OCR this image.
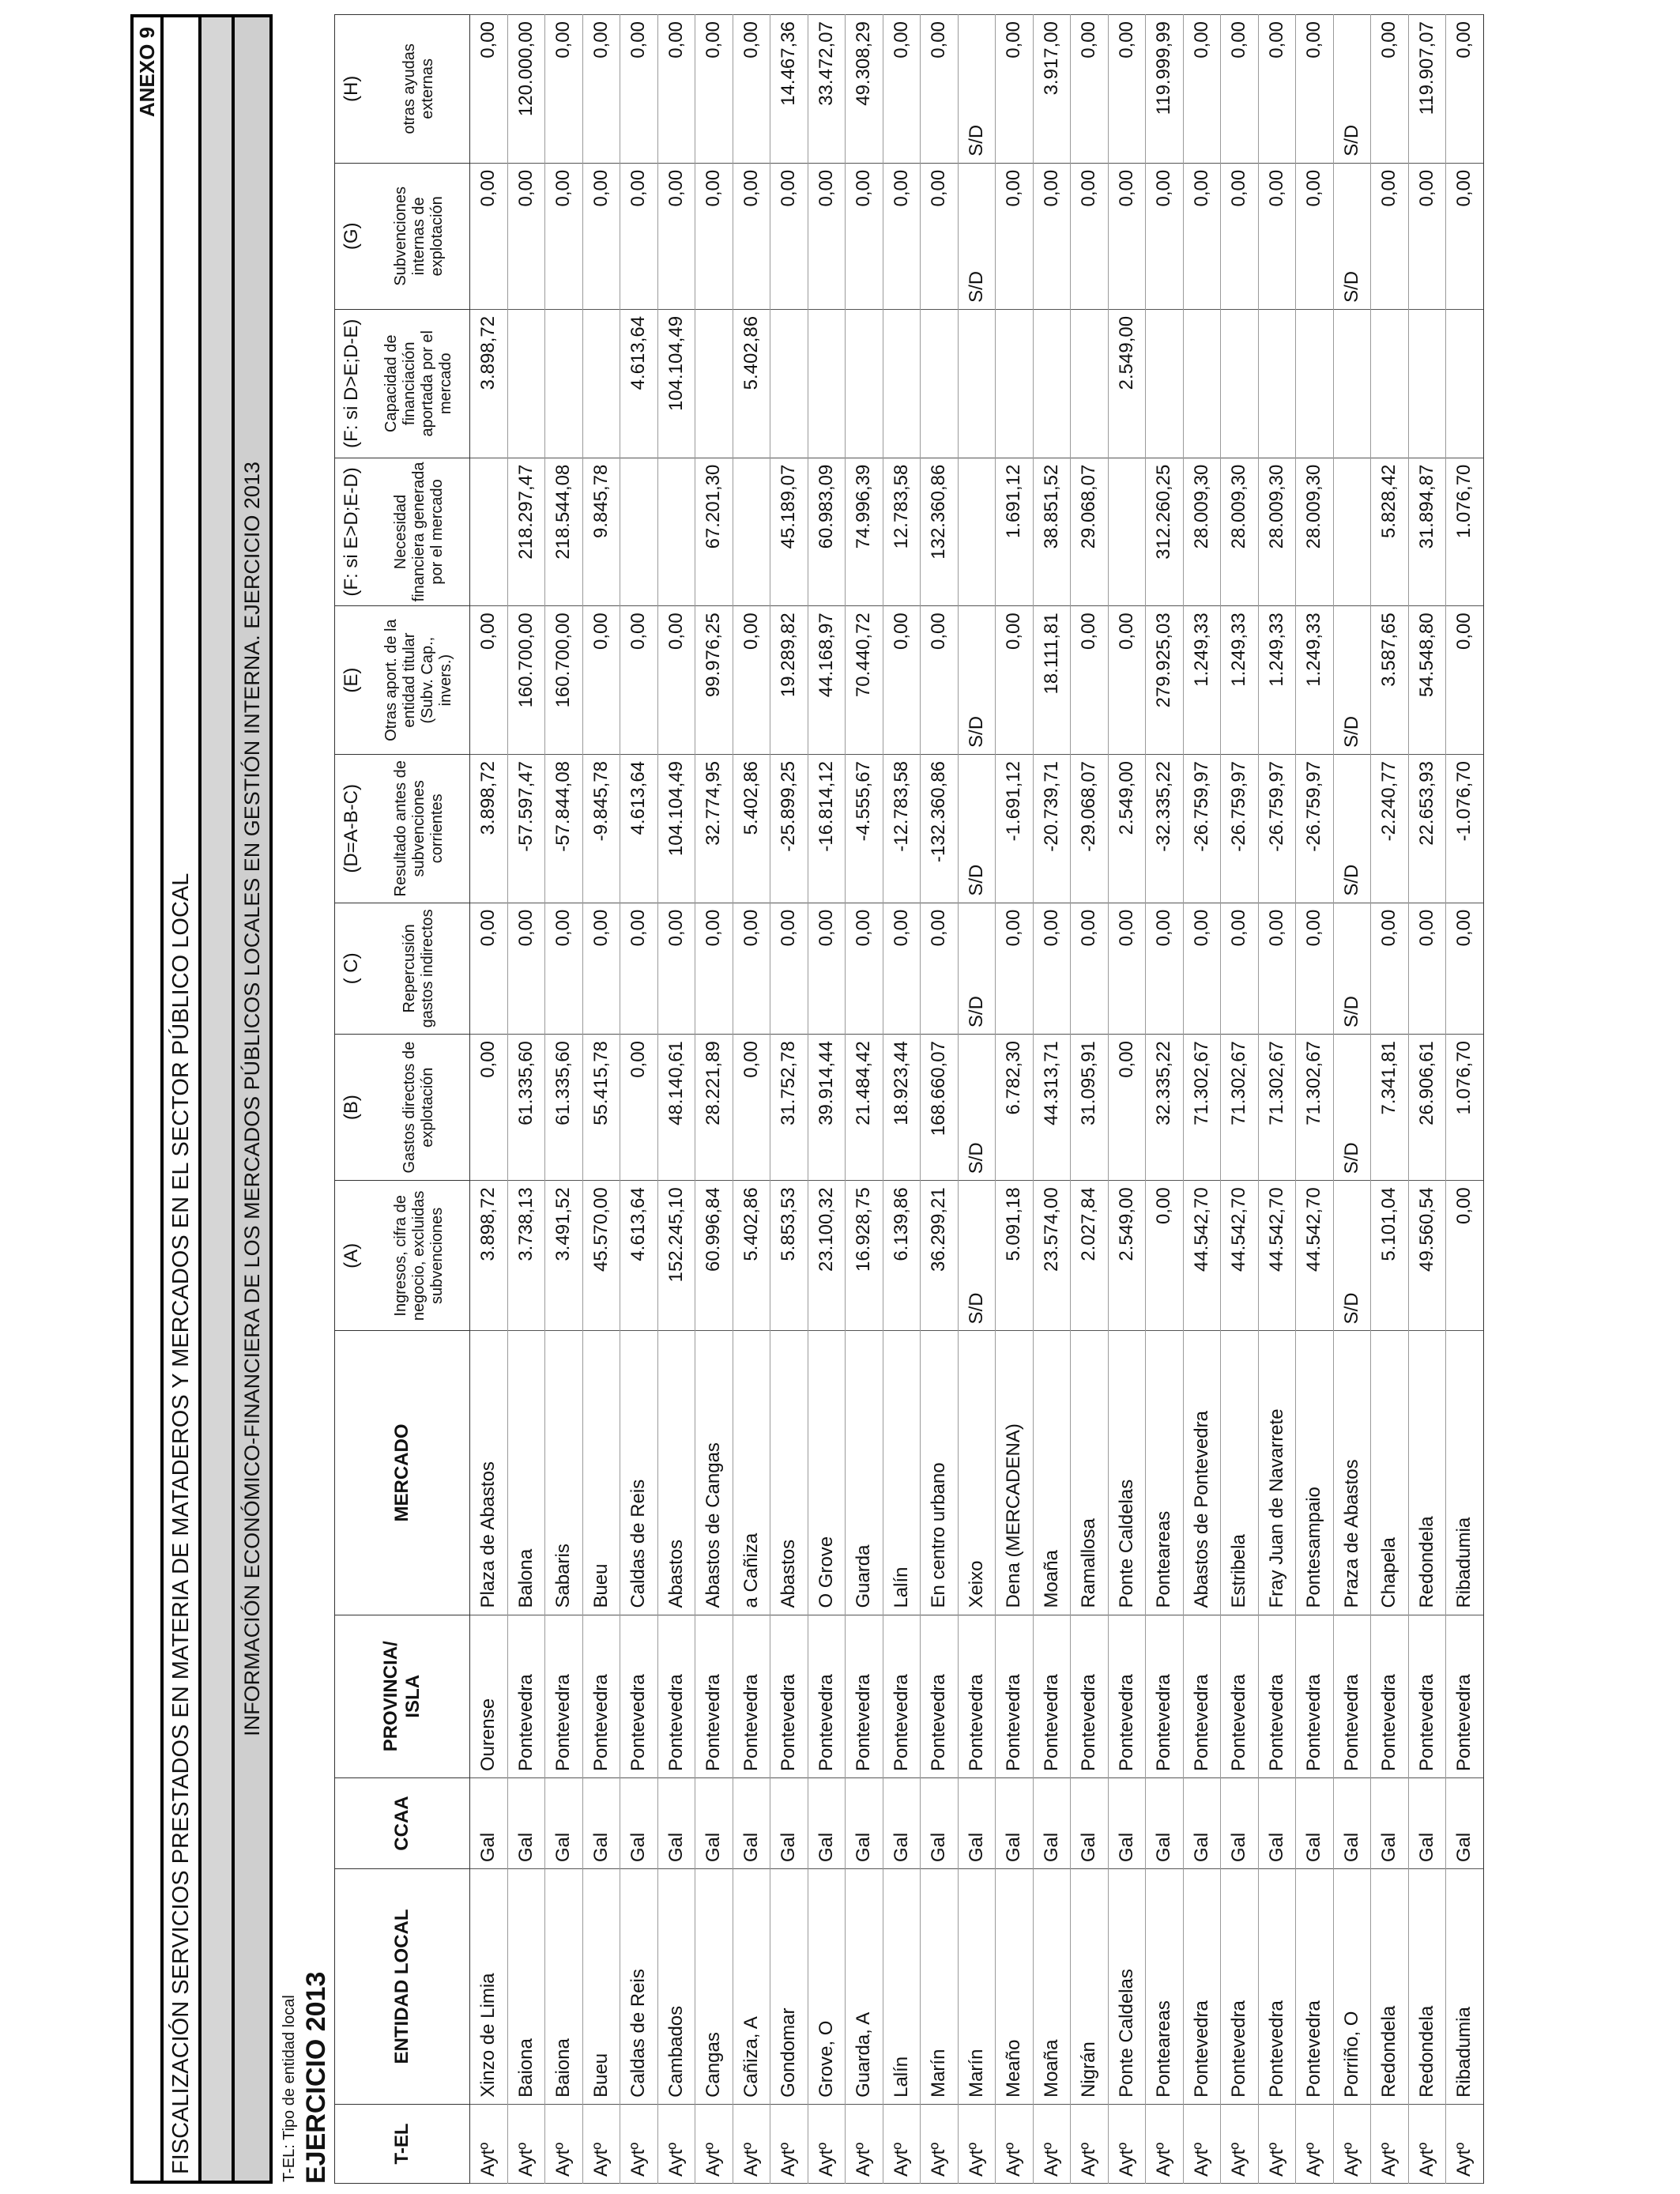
ANEXO 9
FISCALIZACIÓN SERVICIOS PRESTADOS EN MATERIA DE MATADEROS Y MERCADOS EN EL SECTOR PÚBLICO LOCAL INFORMACIÓN ECONÓMICO-FINANCIERA DE LOS MERCADOS PÚBLICOS LOCALES EN GESTIÓN INTERNA. EJERCICIO 2013
T-EL: Tipo de entidad local EJERCICIO 2013	T-EL	ENTIDAD LOCAL	CCAA	PROVINCIA/ ISLA	MERCADO	(A)	(B)	( C)	(D=A-B-C)	(E)	(F: si E>D;E-D)	(F: si D>E;D-E)	(G)	(H)
					Ingresos, cifra de negocio, excluidas subvenciones	Gastos directos de explotación	Repercusión gastos indirectos	Resultado antes de subvenciones corrientes	Otras aport. de la entidad titular (Subv. Cap., invers.)	Necesidad financiera generada por el mercado	Capacidad de financiación aportada por el mercado	Subvenciones internas de explotación	otras ayudas externas
Aytº	Xinzo de Limia	Gal	Ourense	Plaza de Abastos	3.898,72	0,00	0,00	3.898,72	0,00		3.898,72	0,00	0,00
Aytº	Baiona	Gal	Pontevedra	Balona	3.738,13	61.335,60	0,00	-57.597,47	160.700,00	218.297,47		0,00	120.000,00
Aytº	Baiona	Gal	Pontevedra	Sabaris	3.491,52	61.335,60	0,00	-57.844,08	160.700,00	218.544,08		0,00	0,00
Aytº	Bueu	Gal	Pontevedra	Bueu	45.570,00	55.415,78	0,00	-9.845,78	0,00	9.845,78		0,00	0,00
Aytº	Caldas de Reis	Gal	Pontevedra	Caldas de Reis	4.613,64	0,00	0,00	4.613,64	0,00		4.613,64	0,00	0,00
Aytº	Cambados	Gal	Pontevedra	Abastos	152.245,10	48.140,61	0,00	104.104,49	0,00		104.104,49	0,00	0,00
Aytº	Cangas	Gal	Pontevedra	Abastos de Cangas	60.996,84	28.221,89	0,00	32.774,95	99.976,25	67.201,30		0,00	0,00
Aytº	Cañiza, A	Gal	Pontevedra	a Cañiza	5.402,86	0,00	0,00	5.402,86	0,00		5.402,86	0,00	0,00
Aytº	Gondomar	Gal	Pontevedra	Abastos	5.853,53	31.752,78	0,00	-25.899,25	19.289,82	45.189,07		0,00	14.467,36
Aytº	Grove, O	Gal	Pontevedra	O Grove	23.100,32	39.914,44	0,00	-16.814,12	44.168,97	60.983,09		0,00	33.472,07
Aytº	Guarda, A	Gal	Pontevedra	Guarda	16.928,75	21.484,42	0,00	-4.555,67	70.440,72	74.996,39		0,00	49.308,29
Aytº	Lalín	Gal	Pontevedra	Lalín	6.139,86	18.923,44	0,00	-12.783,58	0,00	12.783,58		0,00	0,00
Aytº	Marín	Gal	Pontevedra	En centro urbano	36.299,21	168.660,07	0,00	-132.360,86	0,00	132.360,86		0,00	0,00
Aytº	Marín	Gal	Pontevedra	Xeixo	S/D	S/D	S/D	S/D	S/D			S/D	S/D
Aytº	Meaño	Gal	Pontevedra	Dena (MERCADENA)	5.091,18	6.782,30	0,00	-1.691,12	0,00	1.691,12		0,00	0,00
Aytº	Moaña	Gal	Pontevedra	Moaña	23.574,00	44.313,71	0,00	-20.739,71	18.111,81	38.851,52		0,00	3.917,00
Aytº	Nigrán	Gal	Pontevedra	Ramallosa	2.027,84	31.095,91	0,00	-29.068,07	0,00	29.068,07		0,00	0,00
Aytº	Ponte Caldelas	Gal	Pontevedra	Ponte Caldelas	2.549,00	0,00	0,00	2.549,00	0,00		2.549,00	0,00	0,00
Aytº	Ponteareas	Gal	Pontevedra	Ponteareas	0,00	32.335,22	0,00	-32.335,22	279.925,03	312.260,25		0,00	119.999,99
Aytº	Pontevedra	Gal	Pontevedra	Abastos de Pontevedra	44.542,70	71.302,67	0,00	-26.759,97	1.249,33	28.009,30		0,00	0,00
Aytº	Pontevedra	Gal	Pontevedra	Estribela	44.542,70	71.302,67	0,00	-26.759,97	1.249,33	28.009,30		0,00	0,00
Aytº	Pontevedra	Gal	Pontevedra	Fray Juan de Navarrete	44.542,70	71.302,67	0,00	-26.759,97	1.249,33	28.009,30		0,00	0,00
Aytº	Pontevedra	Gal	Pontevedra	Pontesampaio	44.542,70	71.302,67	0,00	-26.759,97	1.249,33	28.009,30		0,00	0,00
Aytº	Porriño, O	Gal	Pontevedra	Praza de Abastos	S/D	S/D	S/D	S/D	S/D			S/D	S/D
Aytº	Redondela	Gal	Pontevedra	Chapela	5.101,04	7.341,81	0,00	-2.240,77	3.587,65	5.828,42		0,00	0,00
Aytº	Redondela	Gal	Pontevedra	Redondela	49.560,54	26.906,61	0,00	22.653,93	54.548,80	31.894,87		0,00	119.907,07
Aytº	Ribadumia	Gal	Pontevedra	Ribadumia	0,00	1.076,70	0,00	-1.076,70	0,00	1.076,70		0,00	0,00
